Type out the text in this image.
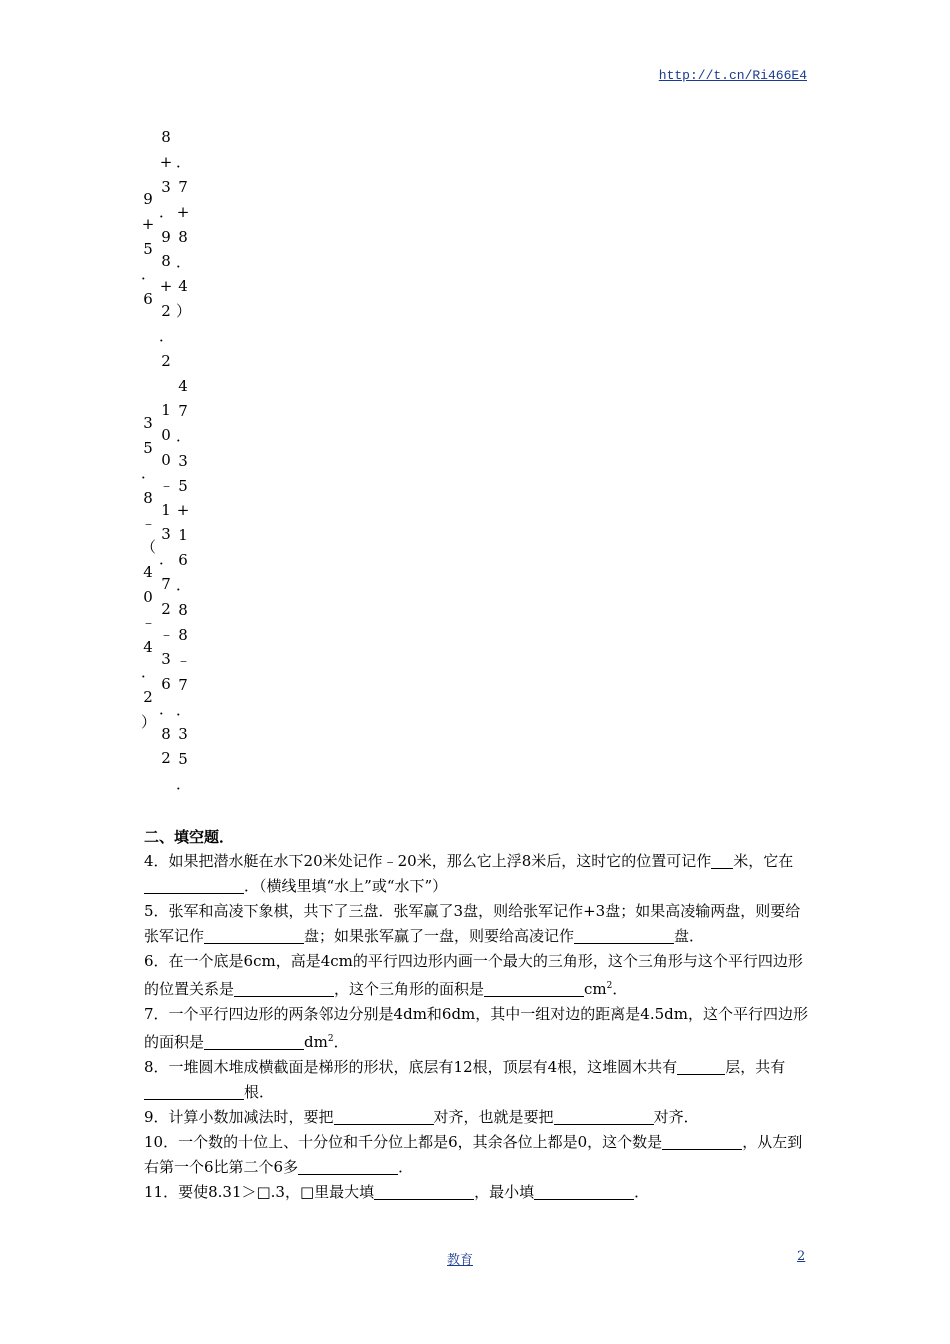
http://t.cn/Ri466E4
9
+
5
．
6
8
+
3
．
9
8
+
2
．
2
．
7
+
8
．
4
）
3
5
．
8
﹣
（
4
0
﹣
4
．
2
）
1
0
0
﹣
1
3
．
7
2
﹣
3
6
．
8
2
4
7
．
3
5
+
1
6
．
8
8
﹣
7
．
3
5
．
二、填空题．

4．如果把潜水艇在水下20米处记作﹣20米，那么它上浮8米后，这时它的位置可记作 米，它在．（横线里填“水上”或“水下”）

5．张军和高凌下象棋，共下了三盘．张军赢了3盘，则给张军记作+3盘；如果高凌输两盘，则要给张军记作	盘；如果张军赢了一盘，则要给高凌记作	盘．

6．在一个底是6cm，高是4cm的平行四边形内画一个最大的三角形，这个三角形与这个平行四边形的位置关系是	，这个三角形的面积是	$cm^2$．

7．一个平行四边形的两条邻边分别是4dm和6dm，其中一组对边的距离是4.5dm，这个平行四边形的面积是	$dm^2$．

8．一堆圆木堆成横截面是梯形的形状，底层有12根，顶层有4根，这堆圆木共有	层，共有根．

9．计算小数加减法时，要把	对齐，也就是要把	对齐．

10．一个数的十位上、十分位和千分位上都是6，其余各位上都是0，这个数是	，从左到右第一个6比第二个6多	．

11．要使8.31＞□.3，□里最大填	，最小填	．

教育	2
